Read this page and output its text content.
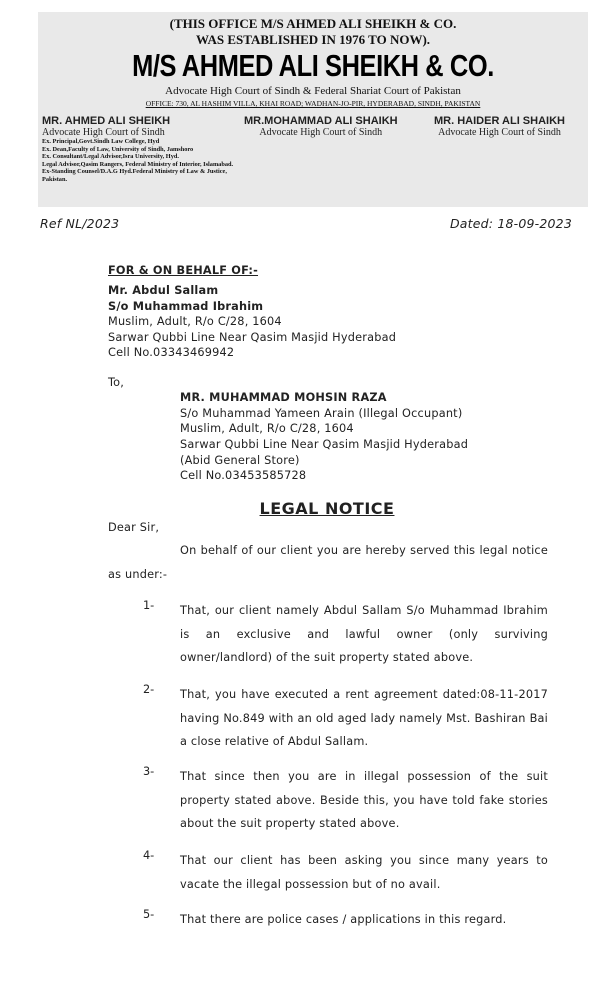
(THIS OFFICE M/S AHMED ALI SHEIKH & CO.
WAS ESTABLISHED IN 1976 TO NOW).
M/S AHMED ALI SHEIKH & CO.
Advocate High Court of Sindh & Federal Shariat Court of Pakistan
OFFICE: 730, AL HASHIM VILLA, KHAI ROAD; WADHAN-JO-PIR, HYDERABAD, SINDH, PAKISTAN
MR. AHMED ALI SHEIKH
Advocate High Court of Sindh
Ex. Principal,Govt.Sindh Law College, Hyd
Ex. Dean,Faculty of Law, University of Sindh, Jamshoro
Ex. Consultant/Legal Advisor,Isra University, Hyd.
Legal Advisor,Qasim Rangers, Federal Ministry of Interior, Islamabad.
Ex-Standing Counsel/D.A.G Hyd.Federal Ministry of Law & Justice, Pakistan.
MR.MOHAMMAD ALI SHAIKH
Advocate High Court of Sindh
MR. HAIDER ALI SHAIKH
Advocate High Court of Sindh
Ref NL/2023	Dated: 18-09-2023
FOR & ON BEHALF OF:-
Mr. Abdul Sallam
S/o Muhammad Ibrahim
Muslim, Adult, R/o C/28, 1604
Sarwar Qubbi Line Near Qasim Masjid Hyderabad
Cell No.03343469942
To,
MR. MUHAMMAD MOHSIN RAZA
S/o Muhammad Yameen Arain (Illegal Occupant)
Muslim, Adult, R/o C/28, 1604
Sarwar Qubbi Line Near Qasim Masjid Hyderabad
(Abid General Store)
Cell No.03453585728
LEGAL NOTICE
Dear Sir,
On behalf of our client you are hereby served this legal notice as under:-
1- That, our client namely Abdul Sallam S/o Muhammad Ibrahim is an exclusive and lawful owner (only surviving owner/landlord) of the suit property stated above.
2- That, you have executed a rent agreement dated:08-11-2017 having No.849 with an old aged lady namely Mst. Bashiran Bai a close relative of Abdul Sallam.
3- That since then you are in illegal possession of the suit property stated above. Beside this, you have told fake stories about the suit property stated above.
4- That our client has been asking you since many years to vacate the illegal possession but of no avail.
5- That there are police cases / applications in this regard.
